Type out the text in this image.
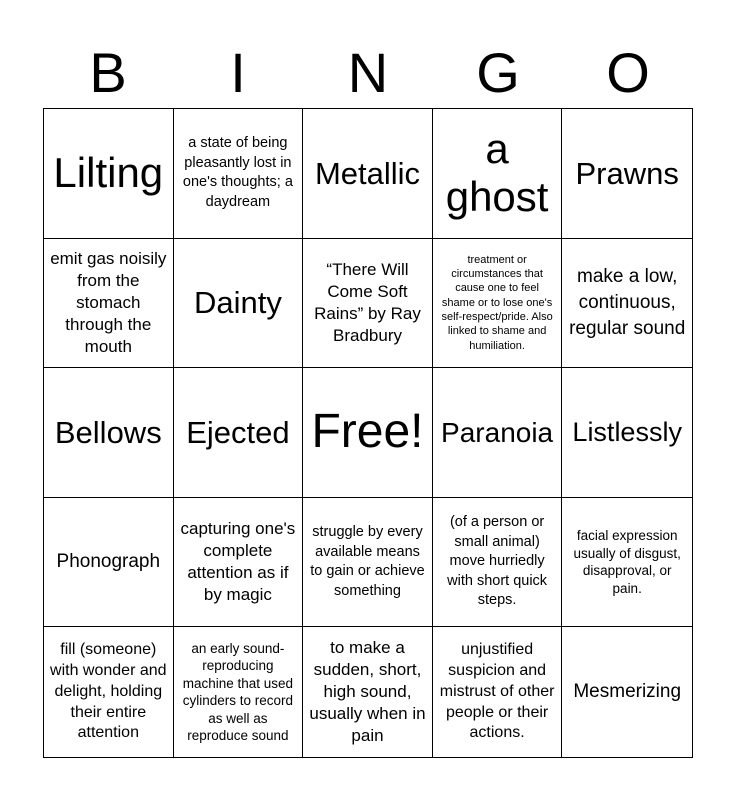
B	I	N	G	O
Lilting
a state of being pleasantly lost in one's thoughts; a daydream
Metallic
a ghost
Prawns
emit gas noisily from the stomach through the mouth
Dainty
“There Will Come Soft Rains” by Ray Bradbury
treatment or circumstances that cause one to feel shame or to lose one's self-respect/pride. Also linked to shame and humiliation.
make a low, continuous, regular sound
Bellows Ejected Free! Paranoia Listlessly
Phonograph
capturing one's complete attention as if by magic
struggle by every available means to gain or achieve something
(of a person or small animal) move hurriedly with short quick steps.
facial expression usually of disgust, disapproval, or pain.
fill (someone) with wonder and delight, holding their entire attention
an early sound-reproducing machine that used cylinders to record as well as reproduce sound
to make a sudden, short, high sound, usually when in pain
unjustified suspicion and mistrust of other people or their actions.
Mesmerizing
